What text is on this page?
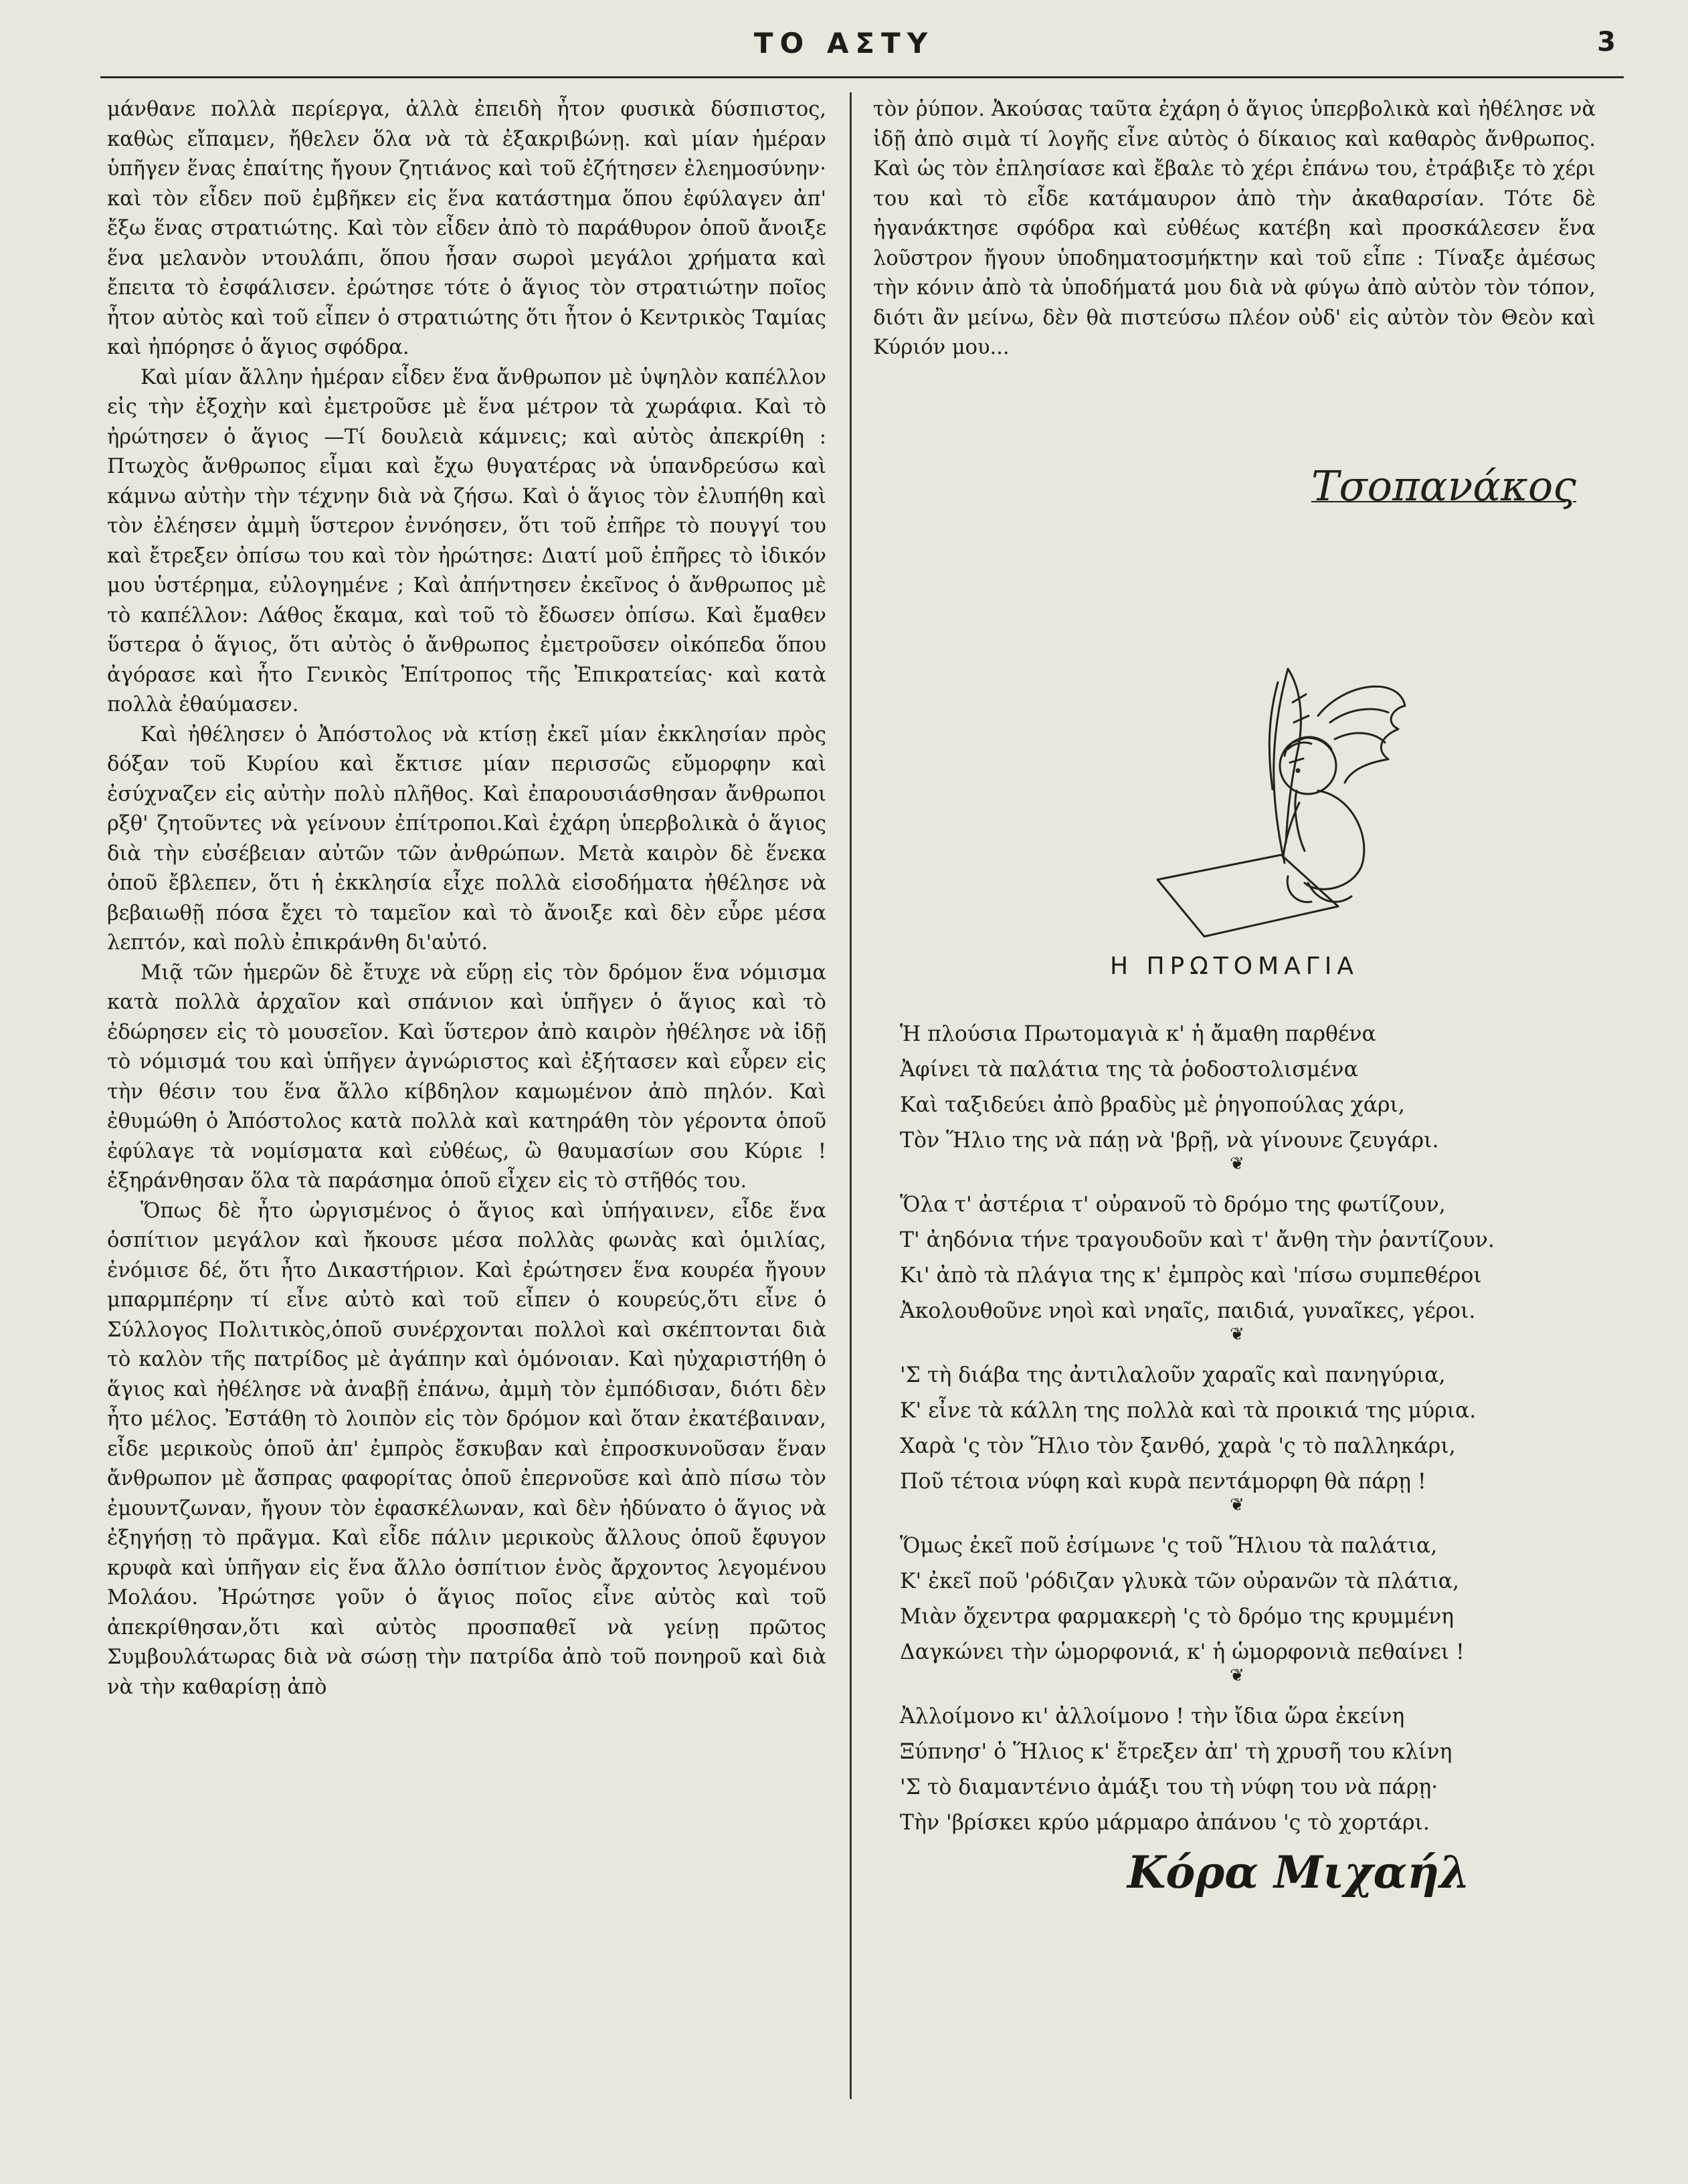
ΤΟ ΑΣΤΥ	3

μάνθανε πολλὰ περίεργα, ἀλλὰ ἐπειδὴ ἦτον φυσικὰ δύσπιστος, καθὼς εἴπαμεν, ἤθελεν ὅλα νὰ τὰ ἐξακριβώνῃ. καὶ μίαν ἡμέραν ὑπῆγεν ἕνας ἐπαίτης ἤγουν ζητιάνος καὶ τοῦ ἐζήτησεν ἐλεημοσύνην· καὶ τὸν εἶδεν ποῦ ἐμβῆκεν εἰς ἕνα κατάστημα ὅπου ἐφύλαγεν ἀπ' ἔξω ἕνας στρατιώτης. Καὶ τὸν εἶδεν ἀπὸ τὸ παράθυρον ὁποῦ ἄνοιξε ἕνα μελανὸν ντουλάπι, ὅπου ἦσαν σωροὶ μεγάλοι χρήματα καὶ ἔπειτα τὸ ἐσφάλισεν. ἐρώτησε τότε ὁ ἅγιος τὸν στρατιώτην ποῖος ἦτον αὐτὸς καὶ τοῦ εἶπεν ὁ στρατιώτης ὅτι ἦτον ὁ Κεντρικὸς Ταμίας καὶ ἠπόρησε ὁ ἅγιος σφόδρα.

Καὶ μίαν ἄλλην ἡμέραν εἶδεν ἕνα ἄνθρωπον μὲ ὑψηλὸν καπέλλον εἰς τὴν ἐξοχὴν καὶ ἐμετροῦσε μὲ ἕνα μέτρον τὰ χωράφια. Καὶ τὸ ἠρώτησεν ὁ ἅγιος —Τί δουλειὰ κάμνεις; καὶ αὐτὸς ἀπεκρίθη : Πτωχὸς ἄνθρωπος εἶμαι καὶ ἔχω θυγατέρας νὰ ὑπανδρεύσω καὶ κάμνω αὐτὴν τὴν τέχνην διὰ νὰ ζήσω. Καὶ ὁ ἅγιος τὸν ἐλυπήθη καὶ τὸν ἐλέησεν ἀμμὴ ὕστερον ἐννόησεν, ὅτι τοῦ ἐπῆρε τὸ πουγγί του καὶ ἔτρεξεν ὀπίσω του καὶ τὸν ἠρώτησε: Διατί μοῦ ἐπῆρες τὸ ἰδικόν μου ὑστέρημα, εὐλογημένε ; Καὶ ἀπήντησεν ἐκεῖνος ὁ ἄνθρωπος μὲ τὸ καπέλλον: Λάθος ἔκαμα, καὶ τοῦ τὸ ἔδωσεν ὀπίσω. Καὶ ἔμαθεν ὕστερα ὁ ἅγιος, ὅτι αὐτὸς ὁ ἄνθρωπος ἐμετροῦσεν οἰκόπεδα ὅπου ἀγόρασε καὶ ἦτο Γενικὸς Ἐπίτροπος τῆς Ἐπικρατείας· καὶ κατὰ πολλὰ ἐθαύμασεν.

Καὶ ἠθέλησεν ὁ Ἀπόστολος νὰ κτίσῃ ἐκεῖ μίαν ἐκκλησίαν πρὸς δόξαν τοῦ Κυρίου καὶ ἔκτισε μίαν περισσῶς εὔμορφην καὶ ἐσύχναζεν εἰς αὐτὴν πολὺ πλῆθος. Καὶ ἐπαρουσιάσθησαν ἄνθρωποι ρξθ' ζητοῦντες νὰ γείνουν ἐπίτροποι.Καὶ ἐχάρη ὑπερβολικὰ ὁ ἅγιος διὰ τὴν εὐσέβειαν αὐτῶν τῶν ἀνθρώπων. Μετὰ καιρὸν δὲ ἕνεκα ὁποῦ ἔβλεπεν, ὅτι ἡ ἐκκλησία εἶχε πολλὰ εἰσοδήματα ἠθέλησε νὰ βεβαιωθῇ πόσα ἔχει τὸ ταμεῖον καὶ τὸ ἄνοιξε καὶ δὲν εὗρε μέσα λεπτόν, καὶ πολὺ ἐπικράνθη δι'αὐτό.

Μιᾷ τῶν ἡμερῶν δὲ ἔτυχε νὰ εὕρῃ εἰς τὸν δρόμον ἕνα νόμισμα κατὰ πολλὰ ἀρχαῖον καὶ σπάνιον καὶ ὑπῆγεν ὁ ἅγιος καὶ τὸ ἐδώρησεν εἰς τὸ μουσεῖον. Καὶ ὕστερον ἀπὸ καιρὸν ἠθέλησε νὰ ἰδῇ τὸ νόμισμά του καὶ ὑπῆγεν ἀγνώριστος καὶ ἐξήτασεν καὶ εὗρεν εἰς τὴν θέσιν του ἕνα ἄλλο κίβδηλον καμωμένον ἀπὸ πηλόν. Καὶ ἐθυμώθη ὁ Ἀπόστολος κατὰ πολλὰ καὶ κατηράθη τὸν γέροντα ὁποῦ ἐφύλαγε τὰ νομίσματα καὶ εὐθέως, ὢ θαυμασίων σου Κύριε ! ἐξηράνθησαν ὅλα τὰ παράσημα ὁποῦ εἶχεν εἰς τὸ στῆθός του.

Ὅπως δὲ ἦτο ὠργισμένος ὁ ἅγιος καὶ ὑπήγαινεν, εἶδε ἕνα ὁσπίτιον μεγάλον καὶ ἤκουσε μέσα πολλὰς φωνὰς καὶ ὁμιλίας, ἐνόμισε δέ, ὅτι ἦτο Δικαστήριον. Καὶ ἐρώτησεν ἕνα κουρέα ἤγουν μπαρμπέρην τί εἶνε αὐτὸ καὶ τοῦ εἶπεν ὁ κουρεύς,ὅτι εἶνε ὁ Σύλλογος Πολιτικὸς,ὁποῦ συνέρχονται πολλοὶ καὶ σκέπτονται διὰ τὸ καλὸν τῆς πατρίδος μὲ ἀγάπην καὶ ὁμόνοιαν. Καὶ ηὐχαριστήθη ὁ ἅγιος καὶ ἠθέλησε νὰ ἀναβῇ ἐπάνω, ἀμμὴ τὸν ἐμπόδισαν, διότι δὲν ἦτο μέλος. Ἐστάθη τὸ λοιπὸν εἰς τὸν δρόμον καὶ ὅταν ἐκατέβαιναν, εἶδε μερικοὺς ὁποῦ ἀπ' ἐμπρὸς ἔσκυβαν καὶ ἐπροσκυνοῦσαν ἕναν ἄνθρωπον μὲ ἄσπρας φαφορίτας ὁποῦ ἐπερνοῦσε καὶ ἀπὸ πίσω τὸν ἐμουντζωναν, ἤγουν τὸν ἐφασκέλωναν, καὶ δὲν ἠδύνατο ὁ ἅγιος νὰ ἐξηγήσῃ τὸ πρᾶγμα. Καὶ εἶδε πάλιν μερικοὺς ἄλλους ὁποῦ ἔφυγον κρυφὰ καὶ ὑπῆγαν εἰς ἕνα ἄλλο ὁσπίτιον ἑνὸς ἄρχοντος λεγομένου Μολάου. Ἠρώτησε γοῦν ὁ ἅγιος ποῖος εἶνε αὐτὸς καὶ τοῦ ἀπεκρίθησαν,ὅτι καὶ αὐτὸς προσπαθεῖ νὰ γείνῃ πρῶτος Συμβουλάτωρας διὰ νὰ σώσῃ τὴν πατρίδα ἀπὸ τοῦ πονηροῦ καὶ διὰ νὰ τὴν καθαρίσῃ ἀπὸ

τὸν ῥύπον. Ἀκούσας ταῦτα ἐχάρη ὁ ἅγιος ὑπερβολικὰ καὶ ἠθέλησε νὰ ἰδῇ ἀπὸ σιμὰ τί λογῆς εἶνε αὐτὸς ὁ δίκαιος καὶ καθαρὸς ἄνθρωπος. Καὶ ὡς τὸν ἐπλησίασε καὶ ἔβαλε τὸ χέρι ἐπάνω του, ἐτράβιξε τὸ χέρι του καὶ τὸ εἶδε κατάμαυρον ἀπὸ τὴν ἀκαθαρσίαν. Τότε δὲ ἠγανάκτησε σφόδρα καὶ εὐθέως κατέβη καὶ προσκάλεσεν ἕνα λοῦστρον ἤγουν ὑποδηματοσμήκτην καὶ τοῦ εἶπε : Τίναξε ἀμέσως τὴν κόνιν ἀπὸ τὰ ὑποδήματά μου διὰ νὰ φύγω ἀπὸ αὐτὸν τὸν τόπον, διότι ἂν μείνω, δὲν θὰ πιστεύσω πλέον οὐδ' εἰς αὐτὸν τὸν Θεὸν καὶ Κύριόν μου...

Τσοπανάκος
Η ΠΡΩΤΟΜΑΓΙΑ
Ἡ πλούσια Πρωτομαγιὰ κ' ἡ ἄμαθη παρθένα
Ἀφίνει τὰ παλάτια της τὰ ῥοδοστολισμένα
Καὶ ταξιδεύει ἀπὸ βραδὺς μὲ ῥηγοπούλας χάρι,
Τὸν Ἥλιο της νὰ πάῃ νὰ 'βρῇ, νὰ γίνουνε ζευγάρι.
Ὅλα τ' ἀστέρια τ' οὐρανοῦ τὸ δρόμο της φωτίζουν,
Τ' ἀηδόνια τήνε τραγουδοῦν καὶ τ' ἄνθη τὴν ῥαντίζουν.
Κι' ἀπὸ τὰ πλάγια της κ' ἐμπρὸς καὶ 'πίσω συμπεθέροι
Ἀκολουθοῦνε νηοὶ καὶ νηαῖς, παιδιά, γυναῖκες, γέροι.
'Σ τὴ διάβα της ἀντιλαλοῦν χαραῖς καὶ πανηγύρια,
Κ' εἶνε τὰ κάλλη της πολλὰ καὶ τὰ προικιά της μύρια.
Χαρὰ 'ς τὸν Ἥλιο τὸν ξανθό, χαρὰ 'ς τὸ παλληκάρι,
Ποῦ τέτοια νύφη καὶ κυρὰ πεντάμορφη θὰ πάρῃ !
Ὅμως ἐκεῖ ποῦ ἐσίμωνε 'ς τοῦ Ἥλιου τὰ παλάτια,
Κ' ἐκεῖ ποῦ 'ρόδιζαν γλυκὰ τῶν οὐρανῶν τὰ πλάτια,
Μιὰν ὄχεντρα φαρμακερὴ 'ς τὸ δρόμο της κρυμμένη
Δαγκώνει τὴν ὡμορφονιά, κ' ἡ ὡμορφονιὰ πεθαίνει !
Ἀλλοίμονο κι' ἀλλοίμονο ! τὴν ἴδια ὥρα ἐκείνη
Ξύπνησ' ὁ Ἥλιος κ' ἔτρεξεν ἀπ' τὴ χρυσῆ του κλίνη
'Σ τὸ διαμαντένιο ἀμάξι του τὴ νύφη του νὰ πάρῃ·
Τὴν 'βρίσκει κρύο μάρμαρο ἀπάνου 'ς τὸ χορτάρι.
❦
❦
❦
❦
Κόρα Μιχαήλ
